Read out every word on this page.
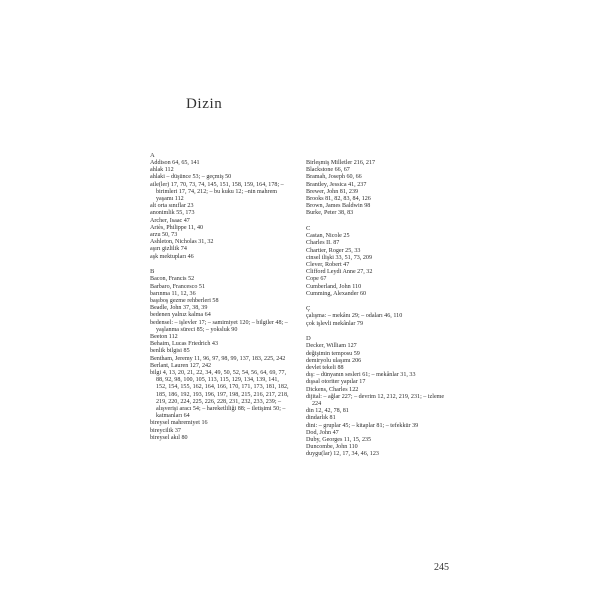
Dizin
A
Addison 64, 65, 141
ahlak 112
ahlaki – düşünce 53; – geçmiş 50
aile(ler) 17, 70, 73, 74, 145, 151, 158, 159, 164, 178; – birimleri 17, 74, 212; – bu kuku 12; –nin mahrem yaşamı 112
alt orta sınıflar 23
anonimlik 55, 173
Archer, Isaac 47
Ariès, Philippe 11, 40
arzu 50, 73
Ashleton, Nicholas 31, 32
aşırı gizlilik 74
aşk mektupları 46
B
Bacon, Francis 52
Barbaro, Francesco 51
barınma 11, 12, 36
başıboş gezme rehberleri 58
Beadle, John 37, 38, 39
bedenen yalnız kalma 64
bedensel: – işlevler 17; – samimiyet 120; – bilgiler 48; – yaşlanma süreci 85; – yoksluk 90
Beeton 112
Behaim, Lucas Friedrich 43
benlik bilgisi 85
Bentham, Jeremy 11, 96, 97, 98, 99, 137, 183, 225, 242
Berlant, Lauren 127, 242
bilgi 4, 13, 20, 21, 22, 34, 49, 50, 52, 54, 56, 64, 69, 77, 88, 92, 98, 100, 105, 113, 115, 129, 134, 139, 141, 152, 154, 155, 162, 164, 166, 170, 171, 173, 181, 182, 185, 186, 192, 193, 196, 197, 198, 215, 216, 217, 218, 219, 220, 224, 225, 226, 228, 231, 232, 233, 239; – alışverişi aracı 54; – hareketliliği 88; – iletişimi 50; – katmanları 64
bireysel mahremiyet 16
bireycilik 37
bireysel akıl 80
Birleşmiş Milletler 216, 217
Blackstone 66, 67
Bramah, Joseph 60, 66
Brantley, Jessica 41, 237
Brewer, John 81, 239
Brooks 81, 82, 83, 84, 126
Brown, James Baldwin 98
Burke, Peter 38, 83
C
Castan, Nicole 25
Charles II. 87
Chartier, Roger 25, 33
cinsel ilişki 33, 51, 73, 209
Clever, Robert 47
Clifford Leydi Anne 27, 32
Cope 67
Cumberland, John 110
Cumming, Alexander 60
Ç
çalışma: – mekânı 29; – odaları 46, 110
çok işlevli mekânlar 79
D
Decker, William 127
değişimin temposu 59
demiryolu ulaşımı 206
devlet tekeli 88
dış: – dünyanın sesleri 61; – mekânlar 31, 33
dışsal otoriter yapılar 17
Dickens, Charles 122
dijital: – ağlar 227; – devrim 12, 212, 219, 231; – izleme 224
din 12, 42, 78, 81
dindarlık 81
dini: – gruplar 45; – kitaplar 81; – tefekkür 39
Dod, John 47
Duby, Georges 11, 15, 235
Duncombe, John 110
duygu(lar) 12, 17, 34, 46, 123
245
